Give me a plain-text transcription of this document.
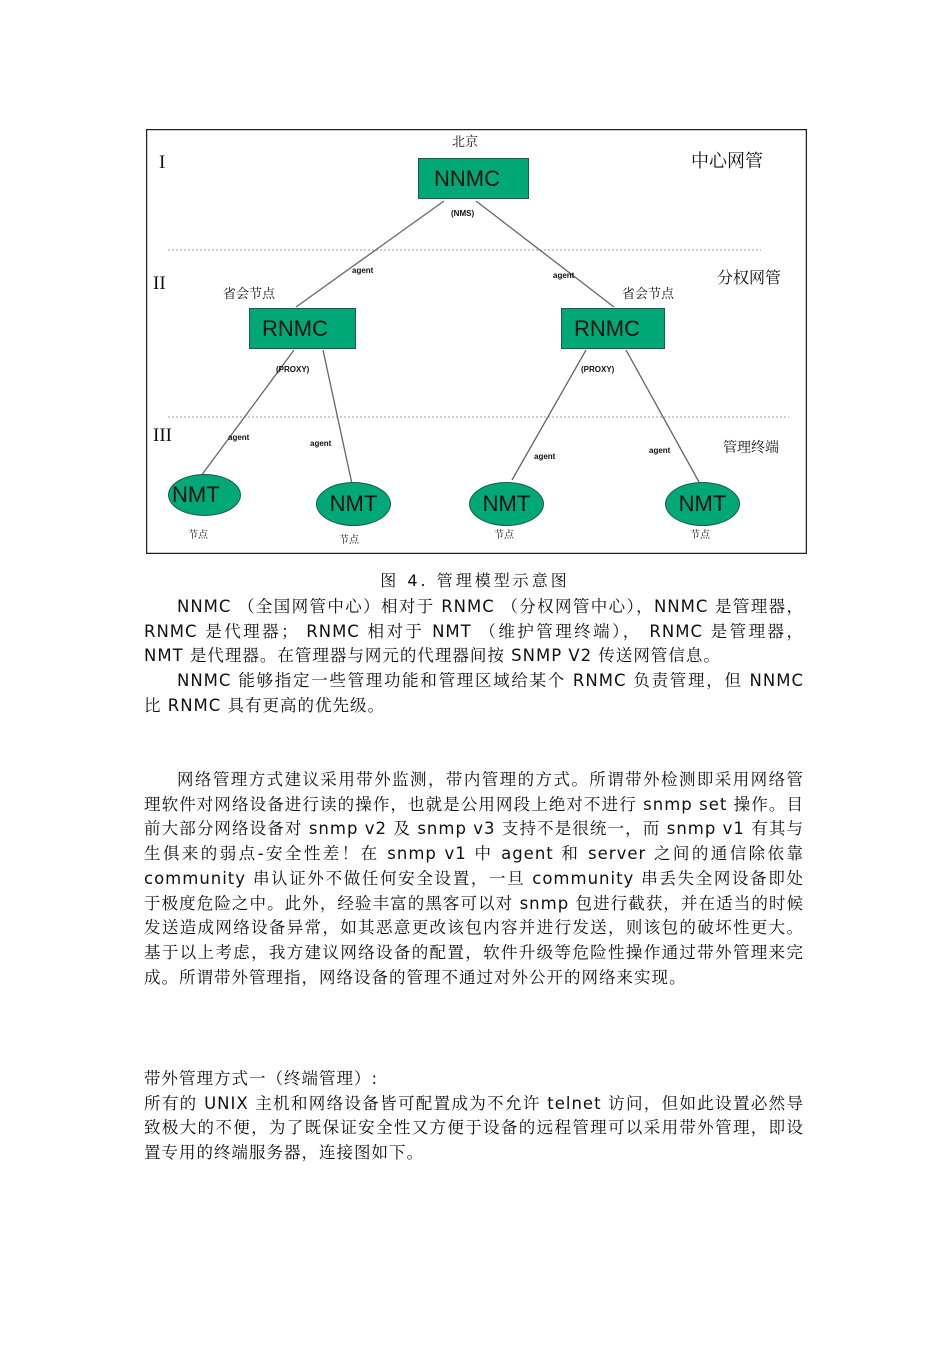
I
II
III
中心网管
分权网管
管理终端
北京
NNMC
(NMS)
agent
agent
省会节点	省会节点
RNMC	RNMC
(PROXY)	(PROXY)
agent
agent
agent
agent
NMT	NMT	NMT	NMT
节点	节点	节点	节点
图 4. 管理模型示意图

NNMC （全国网管中心）相对于 RNMC （分权网管中心），NNMC 是管理器， RNMC 是代理器； RNMC 相对于 NMT （维护管理终端）， RNMC 是管理器， NMT 是代理器。在管理器与网元的代理器间按 SNMP V2 传送网管信息。

NNMC 能够指定一些管理功能和管理区域给某个 RNMC 负责管理，但 NNMC 比 RNMC 具有更高的优先级。

网络管理方式建议采用带外监测，带内管理的方式。所谓带外检测即采用网络管理软件对网络设备进行读的操作，也就是公用网段上绝对不进行 snmp set 操作。目前大部分网络设备对 snmp v2 及 snmp v3 支持不是很统一，而 snmp v1 有其与生俱来的弱点-安全性差！在 snmp v1 中 agent 和 server 之间的通信除依靠 community 串认证外不做任何安全设置，一旦 community 串丢失全网设备即处于极度危险之中。此外，经验丰富的黑客可以对 snmp 包进行截获，并在适当的时候发送造成网络设备异常，如其恶意更改该包内容并进行发送，则该包的破坏性更大。基于以上考虑，我方建议网络设备的配置，软件升级等危险性操作通过带外管理来完成。所谓带外管理指，网络设备的管理不通过对外公开的网络来实现。

带外管理方式一（终端管理）:

所有的 UNIX 主机和网络设备皆可配置成为不允许 telnet 访问，但如此设置必然导致极大的不便，为了既保证安全性又方便于设备的远程管理可以采用带外管理，即设置专用的终端服务器，连接图如下。
